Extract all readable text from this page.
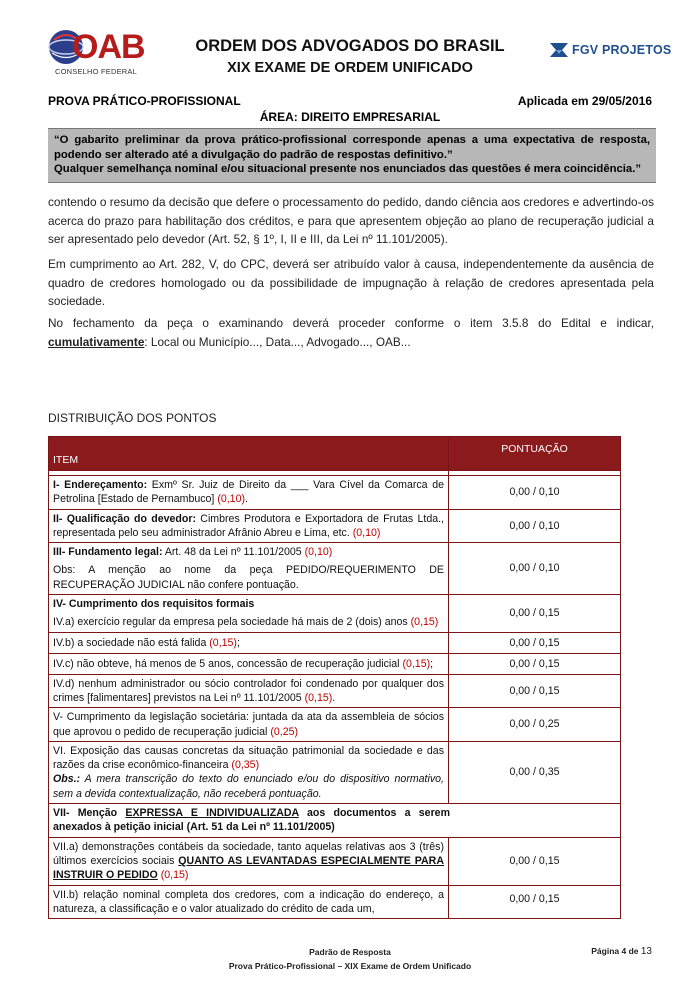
OAB
CONSELHO FEDERAL
ORDEM DOS ADVOGADOS DO BRASIL
XIX EXAME DE ORDEM UNIFICADO
FGV PROJETOS
PROVA PRÁTICO-PROFISSIONAL	Aplicada em 29/05/2016
ÁREA: DIREITO EMPRESARIAL

“O gabarito preliminar da prova prático-profissional corresponde apenas a uma expectativa de resposta, podendo ser alterado até a divulgação do padrão de respostas definitivo.”

Qualquer semelhança nominal e/ou situacional presente nos enunciados das questões é mera coincidência.”

contendo o resumo da decisão que defere o processamento do pedido, dando ciência aos credores e advertindo-os acerca do prazo para habilitação dos créditos, e para que apresentem objeção ao plano de recuperação judicial a ser apresentado pelo devedor (Art. 52, § 1º, I, II e III, da Lei nº 11.101/2005).

Em cumprimento ao Art. 282, V, do CPC, deverá ser atribuído valor à causa, independentemente da ausência de quadro de credores homologado ou da possibilidade de impugnação à relação de credores apresentada pela sociedade.

No fechamento da peça o examinando deverá proceder conforme o item 3.5.8 do Edital e indicar, cumulativamente: Local ou Município..., Data..., Advogado..., OAB...

DISTRIBUIÇÃO DOS PONTOS
ITEM	PONTUAÇÃO

I- Endereçamento: Exmº Sr. Juiz de Direito da ___ Vara Cível da Comarca de Petrolina [Estado de Pernambuco] (0,10).	0,00 / 0,10

II- Qualificação do devedor: Cimbres Produtora e Exportadora de Frutas Ltda., representada pelo seu administrador Afrânio Abreu e Lima, etc. (0,10)	0,00 / 0,10

III- Fundamento legal: Art. 48 da Lei nº 11.101/2005 (0,10)

Obs: A menção ao nome da peça PEDIDO/REQUERIMENTO DE RECUPERAÇÃO JUDICIAL não confere pontuação.	0,00 / 0,10

IV- Cumprimento dos requisitos formais

IV.a) exercício regular da empresa pela sociedade há mais de 2 (dois) anos (0,15)	0,00 / 0,15
IV.b) a sociedade não está falida (0,15);	0,00 / 0,15
IV.c) não obteve, há menos de 5 anos, concessão de recuperação judicial (0,15);	0,00 / 0,15

IV.d) nenhum administrador ou sócio controlador foi condenado por qualquer dos crimes [falimentares] previstos na Lei nº 11.101/2005 (0,15).	0,00 / 0,15

V- Cumprimento da legislação societária: juntada da ata da assembleia de sócios que aprovou o pedido de recuperação judicial (0,25)	0,00 / 0,25

VI. Exposição das causas concretas da situação patrimonial da sociedade e das razões da crise econômico-financeira (0,35)

Obs.: A mera transcrição do texto do enunciado e/ou do dispositivo normativo, sem a devida contextualização, não receberá pontuação.	0,00 / 0,35

VII- Menção EXPRESSA E INDIVIDUALIZADA aos documentos a serem anexados à petição inicial (Art. 51 da Lei nº 11.101/2005)	

VII.a) demonstrações contábeis da sociedade, tanto aquelas relativas aos 3 (três) últimos exercícios sociais QUANTO AS LEVANTADAS ESPECIALMENTE PARA INSTRUIR O PEDIDO (0,15)	0,00 / 0,15

VII.b) relação nominal completa dos credores, com a indicação do endereço, a natureza, a classificação e o valor atualizado do crédito de cada um,	0,00 / 0,15
Padrão de Resposta
Prova Prático-Profissional – XIX Exame de Ordem Unificado
Página 4 de 13
